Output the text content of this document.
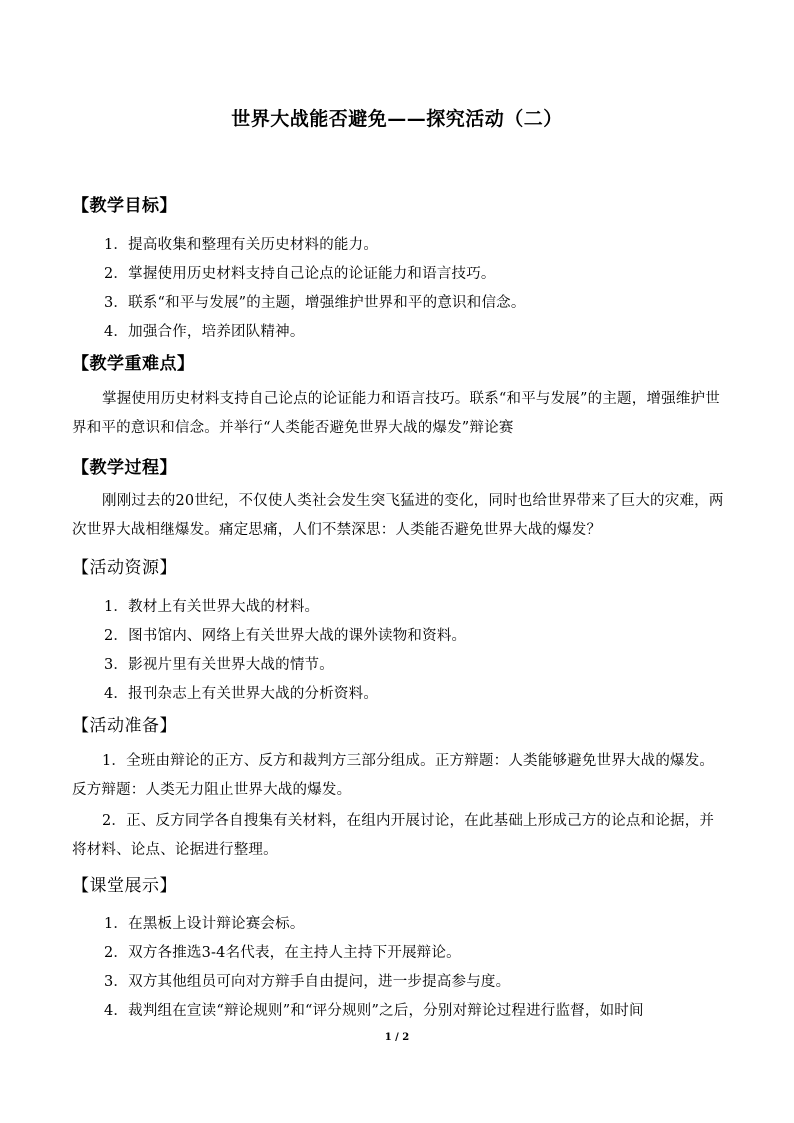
世界大战能否避免——探究活动（二）
【教学目标】
1．提高收集和整理有关历史材料的能力。
2．掌握使用历史材料支持自己论点的论证能力和语言技巧。
3．联系“和平与发展”的主题，增强维护世界和平的意识和信念。
4．加强合作，培养团队精神。
【教学重难点】

掌握使用历史材料支持自己论点的论证能力和语言技巧。联系“和平与发展”的主题，增强维护世界和平的意识和信念。并举行“人类能否避免世界大战的爆发”辩论赛

【教学过程】

刚刚过去的20世纪，不仅使人类社会发生突飞猛进的变化，同时也给世界带来了巨大的灾难，两次世界大战相继爆发。痛定思痛，人们不禁深思：人类能否避免世界大战的爆发？

【活动资源】
1．教材上有关世界大战的材料。
2．图书馆内、网络上有关世界大战的课外读物和资料。
3．影视片里有关世界大战的情节。
4．报刊杂志上有关世界大战的分析资料。
【活动准备】

1．全班由辩论的正方、反方和裁判方三部分组成。正方辩题：人类能够避免世界大战的爆发。反方辩题：人类无力阻止世界大战的爆发。

2．正、反方同学各自搜集有关材料，在组内开展讨论，在此基础上形成己方的论点和论据，并将材料、论点、论据进行整理。

【课堂展示】
1．在黑板上设计辩论赛会标。
2．双方各推选3-4名代表，在主持人主持下开展辩论。
3．双方其他组员可向对方辩手自由提问，进一步提高参与度。
4．裁判组在宣读“辩论规则”和“评分规则”之后，分别对辩论过程进行监督，如时间
1 / 2
